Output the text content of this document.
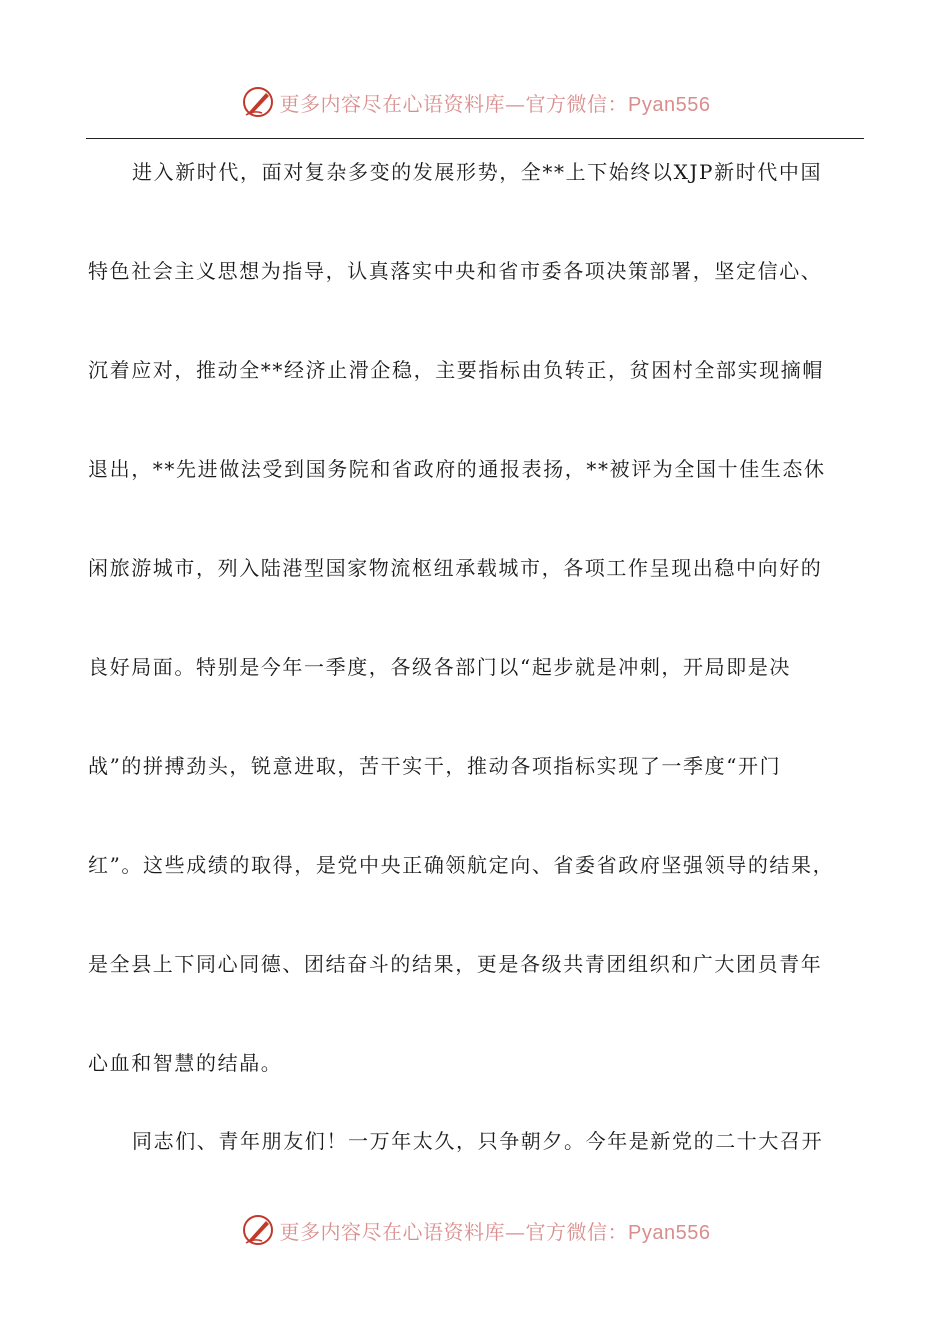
更多内容尽在心语资料库—官方微信：Pyan556
进入新时代，面对复杂多变的发展形势，全**上下始终以XJP新时代中国
特色社会主义思想为指导，认真落实中央和省市委各项决策部署，坚定信心、
沉着应对，推动全**经济止滑企稳，主要指标由负转正，贫困村全部实现摘帽
退出，**先进做法受到国务院和省政府的通报表扬，**被评为全国十佳生态休
闲旅游城市，列入陆港型国家物流枢纽承载城市，各项工作呈现出稳中向好的
良好局面。特别是今年一季度，各级各部门以“起步就是冲刺，开局即是决
战”的拼搏劲头，锐意进取，苦干实干，推动各项指标实现了一季度“开门
红”。这些成绩的取得，是党中央正确领航定向、省委省政府坚强领导的结果，
是全县上下同心同德、团结奋斗的结果，更是各级共青团组织和广大团员青年
心血和智慧的结晶。
同志们、青年朋友们！一万年太久，只争朝夕。今年是新党的二十大召开
更多内容尽在心语资料库—官方微信：Pyan556
